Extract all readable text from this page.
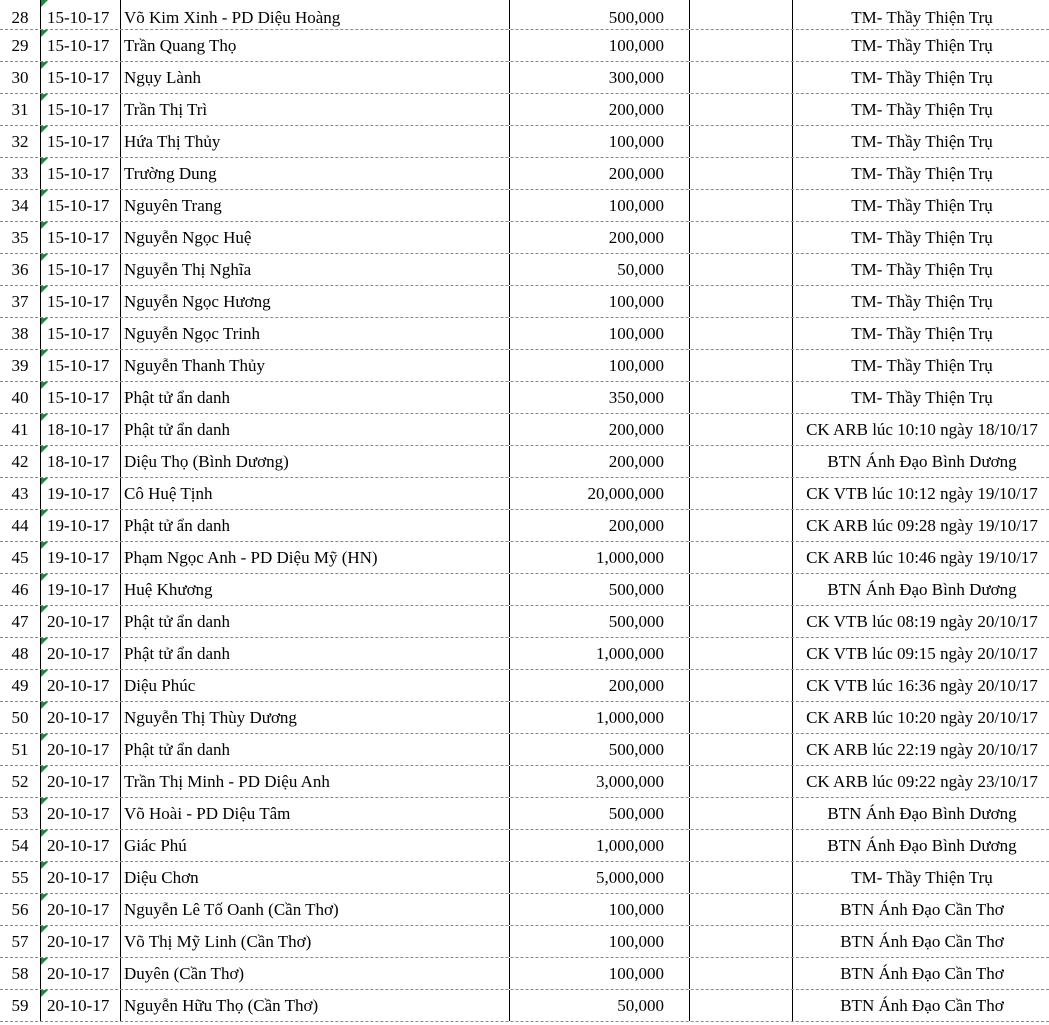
28	15-10-17 Võ Kim Xinh - PD Diệu Hoàng	500,000	TM- Thầy Thiện Trụ
29	15-10-17 Trần Quang Thọ	100,000	TM- Thầy Thiện Trụ
30	15-10-17 Ngụy Lành	300,000	TM- Thầy Thiện Trụ
31	15-10-17 Trần Thị Trì	200,000	TM- Thầy Thiện Trụ
32	15-10-17 Hứa Thị Thủy	100,000	TM- Thầy Thiện Trụ
33	15-10-17 Trường Dung	200,000	TM- Thầy Thiện Trụ
34	15-10-17 Nguyên Trang	100,000	TM- Thầy Thiện Trụ
35	15-10-17 Nguyễn Ngọc Huệ	200,000	TM- Thầy Thiện Trụ
36	15-10-17 Nguyễn Thị Nghĩa	50,000	TM- Thầy Thiện Trụ
37	15-10-17 Nguyễn Ngọc Hương	100,000	TM- Thầy Thiện Trụ
38	15-10-17 Nguyễn Ngọc Trinh	100,000	TM- Thầy Thiện Trụ
39	15-10-17 Nguyễn Thanh Thủy	100,000	TM- Thầy Thiện Trụ
40	15-10-17 Phật tử ẩn danh	350,000	TM- Thầy Thiện Trụ
41	18-10-17 Phật tử ẩn danh	200,000	CK ARB lúc 10:10 ngày 18/10/17
42	18-10-17 Diệu Thọ (Bình Dương)	200,000	BTN Ánh Đạo Bình Dương
43	19-10-17 Cô Huệ Tịnh	20,000,000	CK VTB lúc 10:12 ngày 19/10/17
44	19-10-17 Phật tử ẩn danh	200,000	CK ARB lúc 09:28 ngày 19/10/17
45	19-10-17 Phạm Ngọc Anh - PD Diệu Mỹ (HN)	1,000,000	CK ARB lúc 10:46 ngày 19/10/17
46	19-10-17 Huệ Khương	500,000	BTN Ánh Đạo Bình Dương
47	20-10-17 Phật tử ẩn danh	500,000	CK VTB lúc 08:19 ngày 20/10/17
48	20-10-17 Phật tử ẩn danh	1,000,000	CK VTB lúc 09:15 ngày 20/10/17
49	20-10-17 Diệu Phúc	200,000	CK VTB lúc 16:36 ngày 20/10/17
50	20-10-17 Nguyễn Thị Thùy Dương	1,000,000	CK ARB lúc 10:20 ngày 20/10/17
51	20-10-17 Phật tử ẩn danh	500,000	CK ARB lúc 22:19 ngày 20/10/17
52	20-10-17 Trần Thị Minh - PD Diệu Anh	3,000,000	CK ARB lúc 09:22 ngày 23/10/17
53	20-10-17 Võ Hoài - PD Diệu Tâm	500,000	BTN Ánh Đạo Bình Dương
54	20-10-17 Giác Phú	1,000,000	BTN Ánh Đạo Bình Dương
55	20-10-17 Diệu Chơn	5,000,000	TM- Thầy Thiện Trụ
56	20-10-17 Nguyễn Lê Tố Oanh (Cần Thơ)	100,000	BTN Ánh Đạo Cần Thơ
57	20-10-17 Võ Thị Mỹ Linh (Cần Thơ)	100,000	BTN Ánh Đạo Cần Thơ
58	20-10-17 Duyên (Cần Thơ)	100,000	BTN Ánh Đạo Cần Thơ
59	20-10-17 Nguyễn Hữu Thọ (Cần Thơ)	50,000	BTN Ánh Đạo Cần Thơ
